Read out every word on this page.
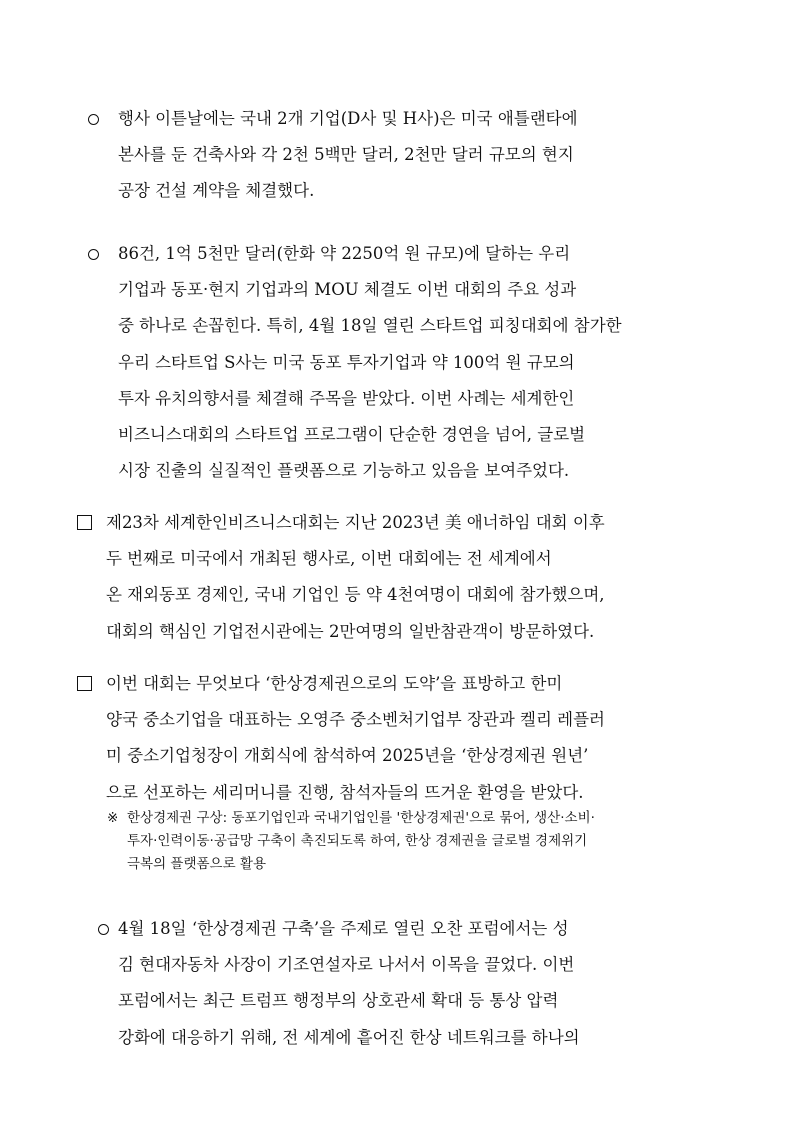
행사 이튿날에는 국내 2개 기업(D사 및 H사)은 미국 애틀랜타에
본사를 둔 건축사와 각 2천 5백만 달러, 2천만 달러 규모의 현지
공장 건설 계약을 체결했다.
86건, 1억 5천만 달러(한화 약 2250억 원 규모)에 달하는 우리
기업과 동포·현지 기업과의 MOU 체결도 이번 대회의 주요 성과
중 하나로 손꼽힌다. 특히, 4월 18일 열린 스타트업 피칭대회에 참가한
우리 스타트업 S사는 미국 동포 투자기업과 약 100억 원 규모의
투자 유치의향서를 체결해 주목을 받았다. 이번 사례는 세계한인
비즈니스대회의 스타트업 프로그램이 단순한 경연을 넘어, 글로벌
시장 진출의 실질적인 플랫폼으로 기능하고 있음을 보여주었다.
제23차 세계한인비즈니스대회는 지난 2023년 美 애너하임 대회 이후
두 번째로 미국에서 개최된 행사로, 이번 대회에는 전 세계에서
온 재외동포 경제인, 국내 기업인 등 약 4천여명이 대회에 참가했으며,
대회의 핵심인 기업전시관에는 2만여명의 일반참관객이 방문하였다.
이번 대회는 무엇보다 ‘한상경제권으로의 도약’을 표방하고 한미
양국 중소기업을 대표하는 오영주 중소벤처기업부 장관과 켈리 레플러
미 중소기업청장이 개회식에 참석하여 2025년을 ‘한상경제권 원년’
으로 선포하는 세리머니를 진행, 참석자들의 뜨거운 환영을 받았다.
※ 한상경제권 구상: 동포기업인과 국내기업인를 '한상경제권'으로 묶어, 생산·소비·
투자·인력이동·공급망 구축이 촉진되도록 하여, 한상 경제권을 글로벌 경제위기
극복의 플랫폼으로 활용
4월 18일 ‘한상경제권 구축’을 주제로 열린 오찬 포럼에서는 성
김 현대자동차 사장이 기조연설자로 나서서 이목을 끌었다. 이번
포럼에서는 최근 트럼프 행정부의 상호관세 확대 등 통상 압력
강화에 대응하기 위해, 전 세계에 흩어진 한상 네트워크를 하나의
